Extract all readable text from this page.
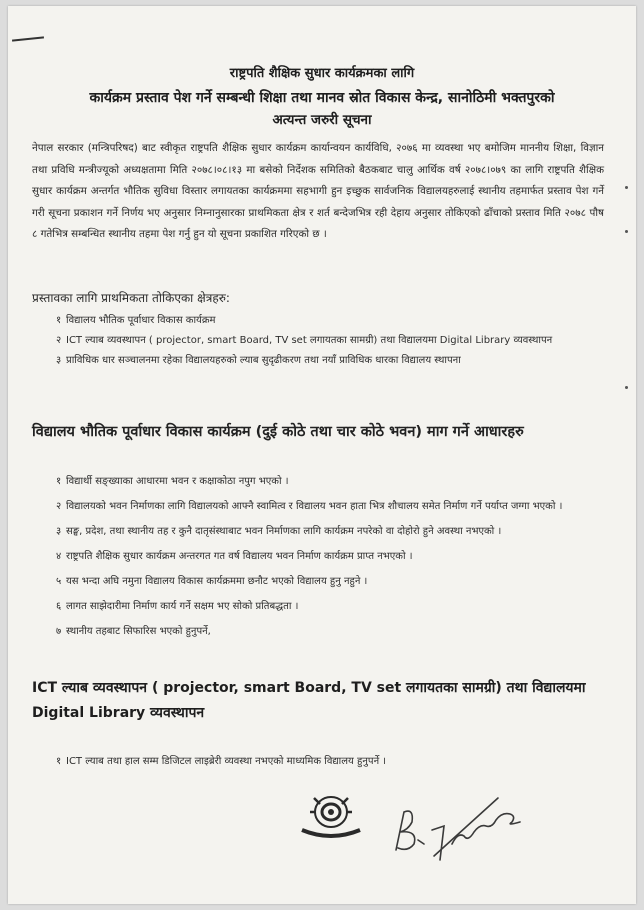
राष्ट्रपति शैक्षिक सुधार कार्यक्रमका लागि
कार्यक्रम प्रस्ताव पेश गर्ने सम्बन्धी शिक्षा तथा मानव स्रोत विकास केन्द्र, सानोठिमी भक्तपुरको
अत्यन्त जरुरी सूचना
नेपाल सरकार (मन्त्रिपरिषद) बाट स्वीकृत राष्ट्रपति शैक्षिक सुधार कार्यक्रम कार्यान्वयन कार्यविधि, २०७६ मा व्यवस्था भए बमोजिम माननीय शिक्षा, विज्ञान तथा प्रविधि मन्त्रीज्यूको अध्यक्षतामा मिति २०७८।०८।१३ मा बसेको निर्देशक समितिको बैठकबाट चालु आर्थिक वर्ष २०७८।०७९ का लागि राष्ट्रपति शैक्षिक सुधार कार्यक्रम अन्तर्गत भौतिक सुविधा विस्तार लगायतका कार्यक्रममा सहभागी हुन इच्छुक सार्वजनिक विद्यालयहरुलाई स्थानीय तहमार्फत प्रस्ताव पेश गर्ने गरी सूचना प्रकाशन गर्ने निर्णय भए अनुसार निम्नानुसारका प्राथमिकता क्षेत्र र शर्त बन्देजभित्र रही देहाय अनुसार तोकिएको ढाँचाको प्रस्ताव मिति २०७८ पौष ८ गतेभित्र सम्बन्धित स्थानीय तहमा पेश गर्नु हुन यो सूचना प्रकाशित गरिएको छ ।
प्रस्तावका लागि प्राथमिकता तोकिएका क्षेत्रहरु:
१ विद्यालय भौतिक पूर्वाधार विकास कार्यक्रम
२ ICT ल्याब व्यवस्थापन ( projector, smart Board, TV set लगायतका सामग्री) तथा विद्यालयमा Digital Library व्यवस्थापन
३ प्राविधिक धार सञ्चालनमा रहेका विद्यालयहरुको ल्याब सुदृढीकरण तथा नयाँ प्राविधिक धारका विद्यालय स्थापना
विद्यालय भौतिक पूर्वाधार विकास कार्यक्रम (दुई कोठे तथा चार कोठे भवन) माग गर्ने आधारहरु
१ विद्यार्थी सङ्ख्याका आधारमा भवन र कक्षाकोठा नपुग भएको ।
२ विद्यालयको भवन निर्माणका लागि विद्यालयको आफ्नै स्वामित्व र विद्यालय भवन हाता भित्र शौचालय समेत निर्माण गर्ने पर्याप्त जग्गा भएको ।
३ सङ्घ, प्रदेश, तथा स्थानीय तह र कुनै दातृसंस्थाबाट भवन निर्माणका लागि कार्यक्रम नपरेको वा दोहोरो हुने अवस्था नभएको ।
४ राष्ट्रपति शैक्षिक सुधार कार्यक्रम अन्तरगत गत वर्ष विद्यालय भवन निर्माण कार्यक्रम प्राप्त नभएको ।
५ यस भन्दा अघि नमुना विद्यालय विकास कार्यक्रममा छनौट भएको विद्यालय हुनु नहुने ।
६ लागत साझेदारीमा निर्माण कार्य गर्ने सक्षम भए सोको प्रतिबद्धता ।
७ स्थानीय तहबाट सिफारिस भएको हुनुपर्ने,
ICT ल्याब व्यवस्थापन ( projector, smart Board, TV set लगायतका सामग्री) तथा विद्यालयमा Digital Library व्यवस्थापन
१ ICT ल्याब तथा हाल सम्म डिजिटल लाइब्रेरी व्यवस्था नभएको माध्यमिक विद्यालय हुनुपर्ने ।
